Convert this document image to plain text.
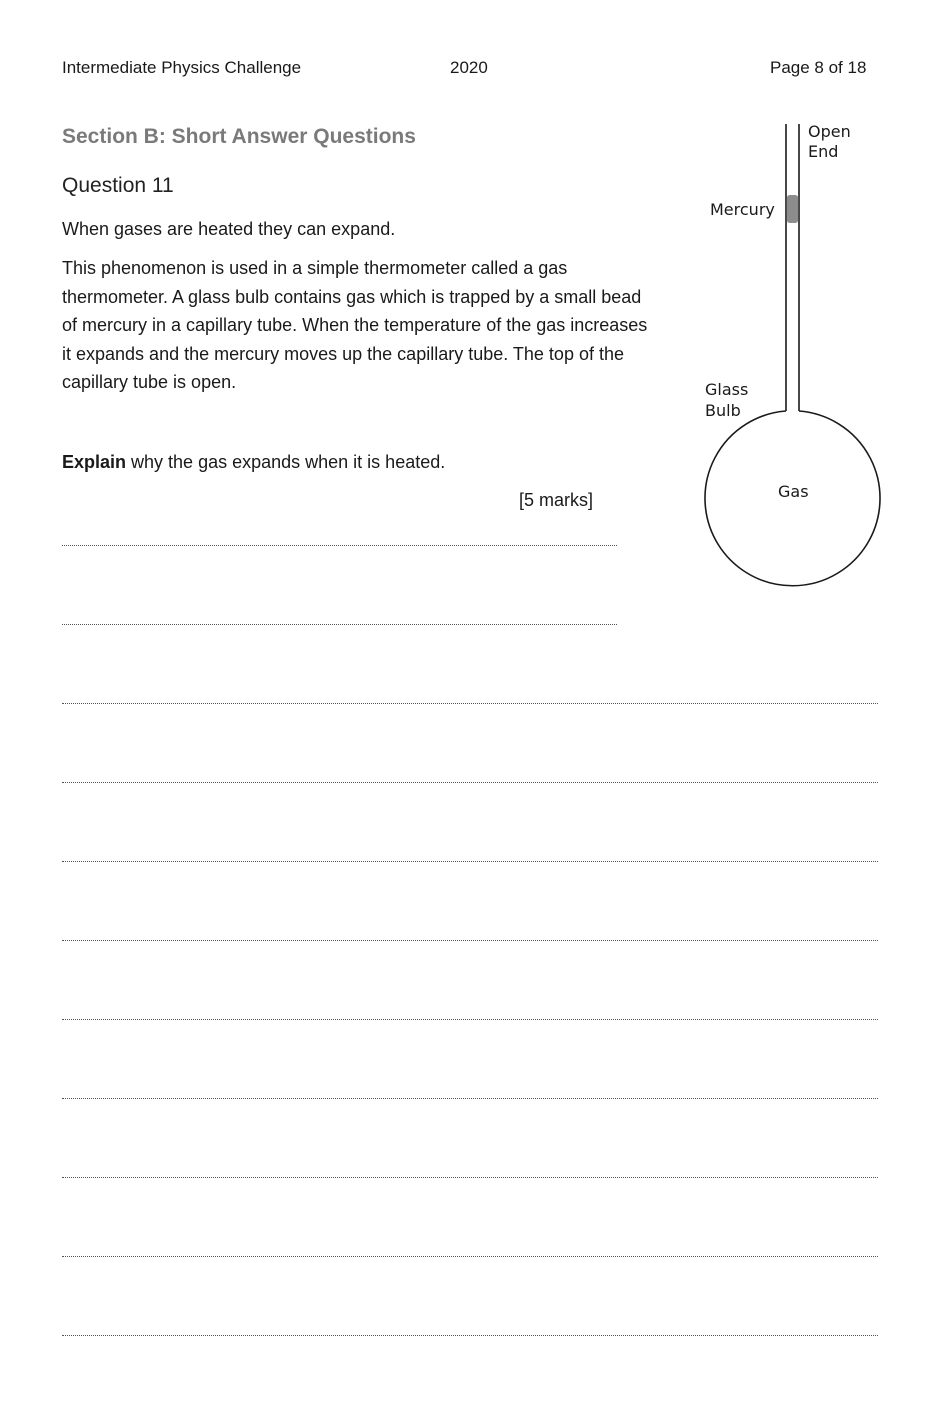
Intermediate Physics Challenge	2020	Page 8 of 18
Section B: Short Answer Questions
Question 11
When gases are heated they can expand.
This phenomenon is used in a simple thermometer called a gas thermometer. A glass bulb contains gas which is trapped by a small bead of mercury in a capillary tube. When the temperature of the gas increases it expands and the mercury moves up the capillary tube. The top of the capillary tube is open.
Explain why the gas expands when it is heated.
[5 marks]
Open
End
Mercury
Glass
Bulb
Gas
